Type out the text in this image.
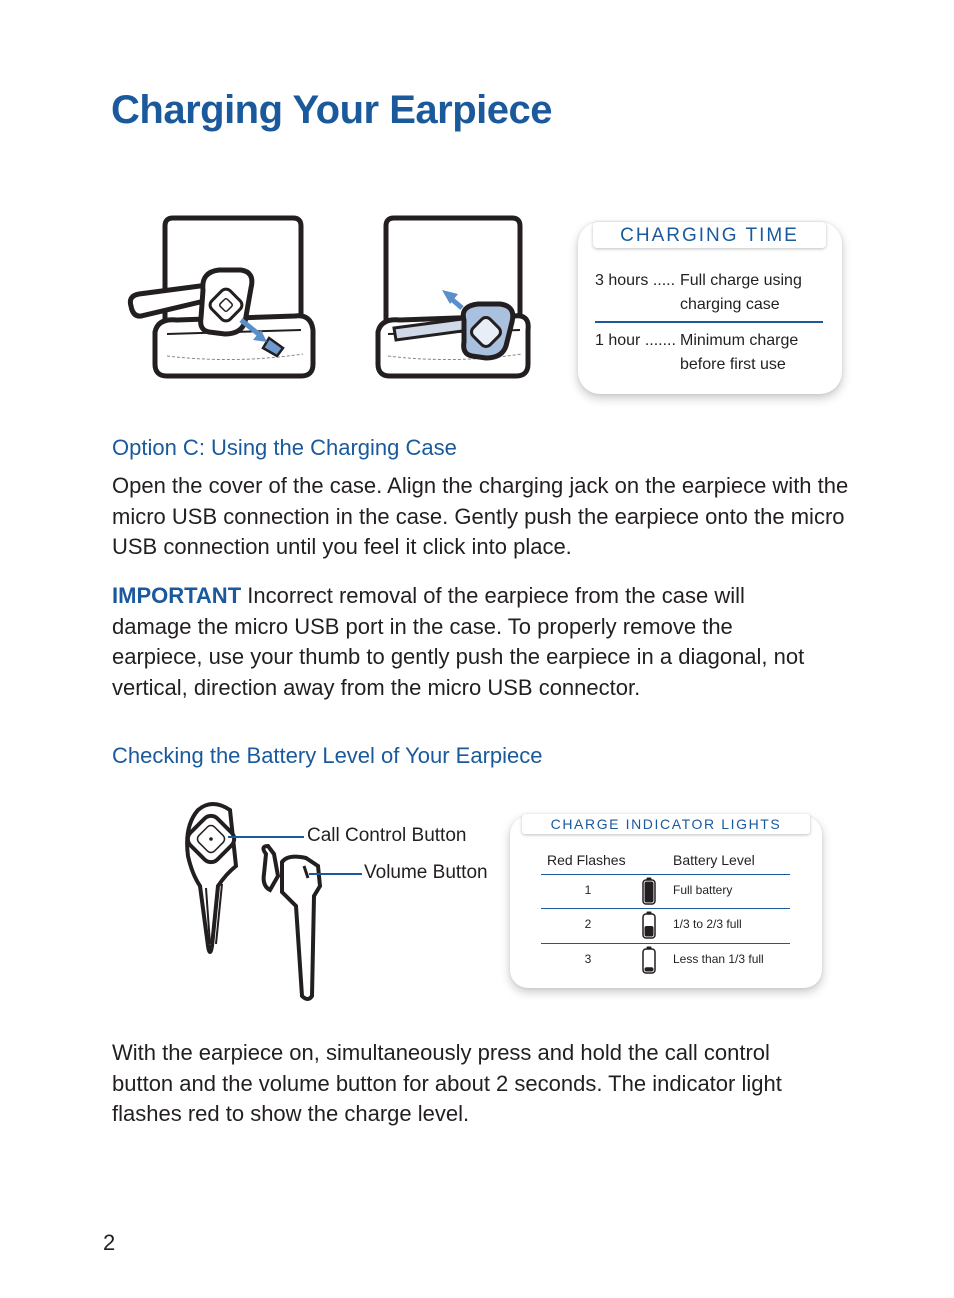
Charging Your Earpiece
CHARGING TIME
3 hours ..... Full charge using charging case
1 hour ....... Minimum charge before first use
Option C: Using the Charging Case

Open the cover of the case. Align the charging jack on the earpiece with the micro USB connection in the case. Gently push the earpiece onto the micro USB connection until you feel it click into place.

IMPORTANT Incorrect removal of the earpiece from the case will damage the micro USB port in the case. To properly remove the earpiece, use your thumb to gently push the earpiece in a diagonal, not vertical, direction away from the micro USB connector.

Checking the Battery Level of Your Earpiece
Call Control Button
Volume Button
CHARGE INDICATOR LIGHTS
Red Flashes	Battery Level
1	Full battery
2	1/3 to 2/3 full
3	Less than 1/3 full

With the earpiece on, simultaneously press and hold the call control button and the volume button for about 2 seconds. The indicator light flashes red to show the charge level.

2
